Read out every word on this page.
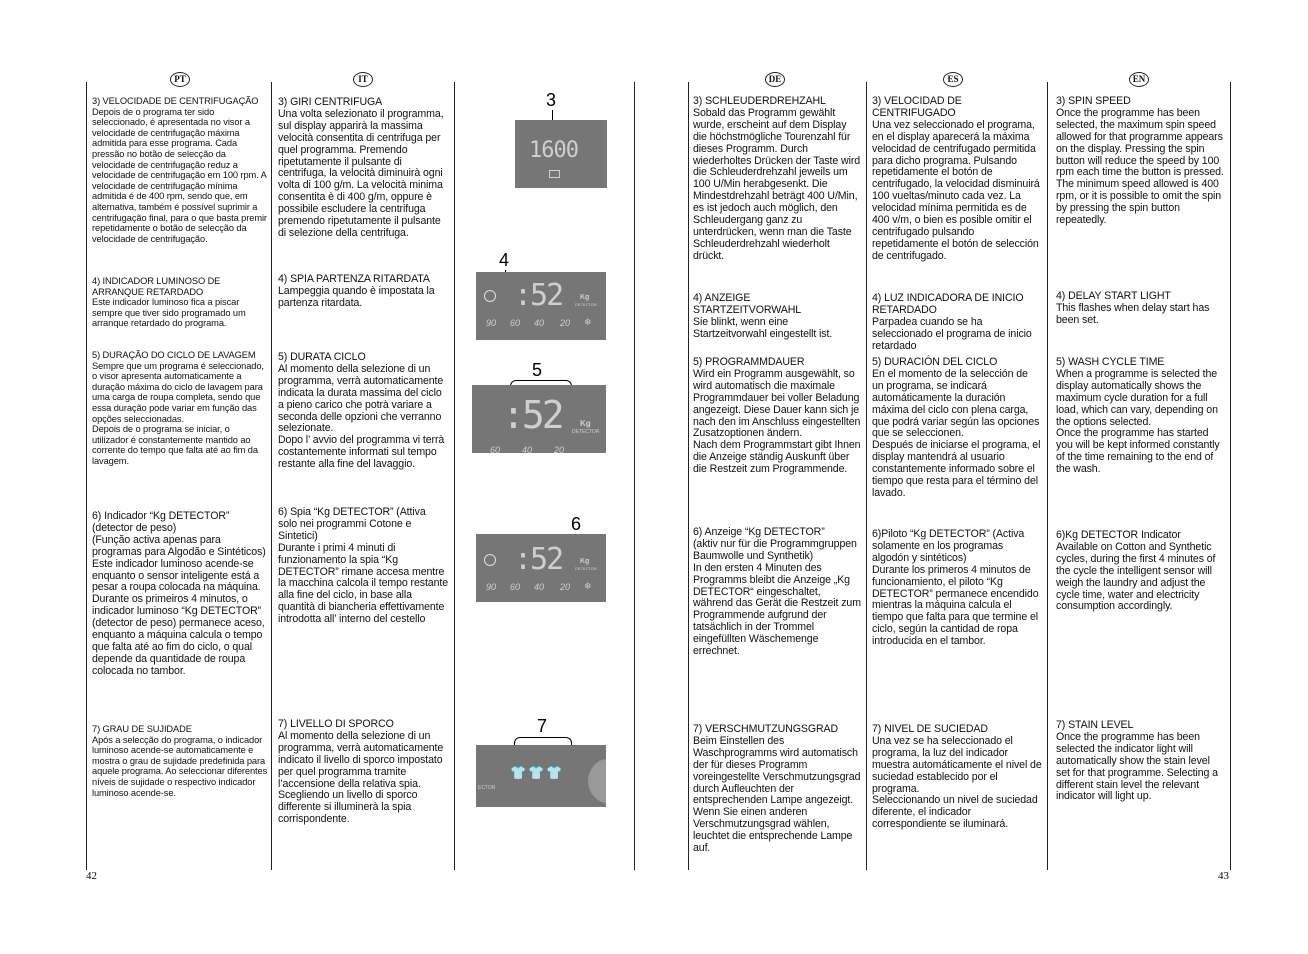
PT	IT	DE	ES	EN
3) VELOCIDADE DE CENTRIFUGAÇÃO
Depois de o programa ter sido seleccionado, é apresentada no visor a velocidade de centrifugação máxima admitida para esse programa. Cada pressão no botão de selecção da velocidade de centrifugação reduz a velocidade de centrifugação em 100 rpm. A velocidade de centrifugação mínima admitida é de 400 rpm, sendo que, em alternativa, também é possível suprimir a centrifugação final, para o que basta premir repetidamente o botão de selecção da velocidade de centrifugação.
4) INDICADOR LUMINOSO DE ARRANQUE RETARDADO
Este indicador luminoso fica a piscar sempre que tiver sido programado um arranque retardado do programa.
5) DURAÇÃO DO CICLO DE LAVAGEM
Sempre que um programa é seleccionado, o visor apresenta automaticamente a duração máxima do ciclo de lavagem para uma carga de roupa completa, sendo que essa duração pode variar em função das opções seleccionadas.
Depois de o programa se iniciar, o utilizador é constantemente mantido ao corrente do tempo que falta até ao fim da lavagem.
6) Indicador “Kg DETECTOR”
(detector de peso)
(Função activa apenas para programas para Algodão e Sintéticos)
Este indicador luminoso acende-se enquanto o sensor inteligente está a pesar a roupa colocada na máquina.
Durante os primeiros 4 minutos, o indicador luminoso “Kg DETECTOR” (detector de peso) permanece aceso, enquanto a máquina calcula o tempo que falta até ao fim do ciclo, o qual depende da quantidade de roupa colocada no tambor.
7) GRAU DE SUJIDADE
Após a selecção do programa, o indicador luminoso acende-se automaticamente e mostra o grau de sujidade predefinida para aquele programa. Ao seleccionar diferentes níveis de sujidade o respectivo indicador luminoso acende-se.
3) GIRI CENTRIFUGA
Una volta selezionato il programma, sul display apparirà la massima velocità consentita di centrifuga per quel programma. Premendo ripetutamente il pulsante di centrifuga, la velocità diminuirà ogni volta di 100 g/m. La velocità minima consentita è di 400 g/m, oppure è possibile escludere la centrifuga premendo ripetutamente il pulsante di selezione della centrifuga.
4) SPIA PARTENZA RITARDATA
Lampeggia quando è impostata la partenza ritardata.
5) DURATA CICLO
Al momento della selezione di un programma, verrà automaticamente indicata la durata massima del ciclo a pieno carico che potrà variare a seconda delle opzioni che verranno selezionate.
Dopo l’ avvio del programma vi terrà costantemente informati sul tempo restante alla fine del lavaggio.
6) Spia “Kg DETECTOR” (Attiva
solo nei programmi Cotone e Sintetici)
Durante i primi 4 minuti di funzionamento la spia “Kg DETECTOR” rimane accesa mentre la macchina calcola il tempo restante alla fine del ciclo, in base alla quantità di biancheria effettivamente introdotta all’ interno del cestello
7) LIVELLO DI SPORCO
Al momento della selezione di un programma, verrà automaticamente indicato il livello di sporco impostato per quel programma tramite l’accensione della relativa spia.
Scegliendo un livello di sporco differente si illuminerà la spia corrispondente.
3) SCHLEUDERDREHZAHL
Sobald das Programm gewählt wurde, erscheint auf dem Display die höchstmögliche Tourenzahl für dieses Programm. Durch wiederholtes Drücken der Taste wird die Schleuderdrehzahl jeweils um 100 U/Min herabgesenkt. Die Mindestdrehzahl beträgt 400 U/Min, es ist jedoch auch möglich, den Schleudergang ganz zu unterdrücken, wenn man die Taste Schleuderdrehzahl wiederholt drückt.
4) ANZEIGE STARTZEITVORWAHL
Sie blinkt, wenn eine Startzeitvorwahl eingestellt ist.
5) PROGRAMMDAUER
Wird ein Programm ausgewählt, so wird automatisch die maximale Programmdauer bei voller Beladung angezeigt. Diese Dauer kann sich je nach den im Anschluss eingestellten Zusatzoptionen ändern.
Nach dem Programmstart gibt Ihnen die Anzeige ständig Auskunft über die Restzeit zum Programmende.
6) Anzeige “Kg DETECTOR”
(aktiv nur für die Programmgruppen Baumwolle und Synthetik)
In den ersten 4 Minuten des Programms bleibt die Anzeige „Kg DETECTOR“ eingeschaltet, während das Gerät die Restzeit zum Programmende aufgrund der tatsächlich in der Trommel eingefüllten Wäschemenge errechnet.
7) VERSCHMUTZUNGSGRAD
Beim Einstellen des Waschprogramms wird automatisch der für dieses Programm voreingestellte Verschmutzungsgrad durch Aufleuchten der entsprechenden Lampe angezeigt. Wenn Sie einen anderen Verschmutzungsgrad wählen, leuchtet die entsprechende Lampe auf.
3) VELOCIDAD DE CENTRIFUGADO
Una vez seleccionado el programa, en el display aparecerá la máxima velocidad de centrifugado permitida para dicho programa. Pulsando repetidamente el botón de centrifugado, la velocidad disminuirá 100 vueltas/minuto cada vez. La velocidad mínima permitida es de 400 v/m, o bien es posible omitir el centrifugado pulsando repetidamente el botón de selección de centrifugado.
4) LUZ INDICADORA DE INICIO RETARDADO
Parpadea cuando se ha seleccionado el programa de inicio retardado
5) DURACIÓN DEL CICLO
En el momento de la selección de un programa, se indicará automáticamente la duración máxima del ciclo con plena carga, que podrá variar según las opciones que se seleccionen.
Después de iniciarse el programa, el display mantendrá al usuario constantemente informado sobre el tiempo que resta para el término del lavado.
6)Piloto “Kg DETECTOR” (Activa
solamente en los programas algodón y sintéticos)
Durante los primeros 4 minutos de funcionamiento, el piloto “Kg DETECTOR” permanece encendido mientras la máquina calcula el tiempo que falta para que termine el ciclo, según la cantidad de ropa introducida en el tambor.
7) NIVEL DE SUCIEDAD
Una vez se ha seleccionado el programa, la luz del indicador muestra automáticamente el nivel de suciedad establecido por el programa.
Seleccionando un nivel de suciedad diferente, el indicador correspondiente se iluminará.
3) SPIN SPEED
Once the programme has been selected, the maximum spin speed allowed for that programme appears on the display. Pressing the spin button will reduce the speed by 100 rpm each time the button is pressed. The minimum speed allowed is 400 rpm, or it is possible to omit the spin by pressing the spin button repeatedly.
4) DELAY START LIGHT
This flashes when delay start has been set.
5) WASH CYCLE TIME
When a programme is selected the display automatically shows the maximum cycle duration for a full load, which can vary, depending on the options selected.
Once the programme has started you will be kept informed constantly of the time remaining to the end of the wash.
6)Kg DETECTOR Indicator
Available on Cotton and Synthetic cycles, during the first 4 minutes of the cycle the intelligent sensor will weigh the laundry and adjust the cycle time, water and electricity consumption accordingly.
7) STAIN LEVEL
Once the programme has been selected the indicator light will automatically show the stain level set for that programme. Selecting a different stain level the relevant indicator will light up.
3
1600
4
:52	Kg
DETECTOR
90 60 40 20 ❄
5
:52 Kg
DETECTOR
60 40 20
6
:52	Kg
DETECTOR
90 60 40 20 ❄
7
ECTOR
👕 👕 👕
42	43
